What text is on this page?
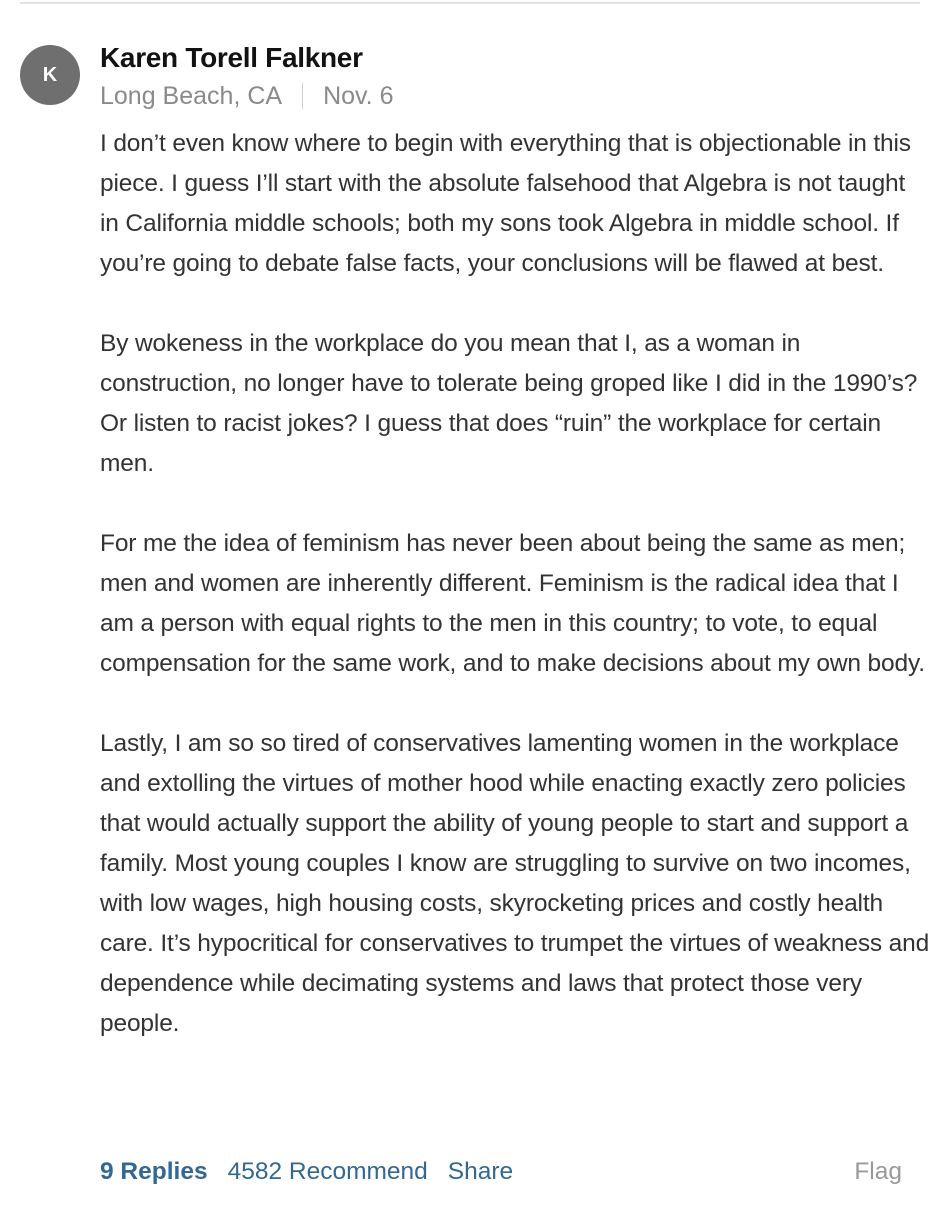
K
Karen Torell Falkner
Long Beach, CA Nov. 6

I don’t even know where to begin with everything that is objectionable in this piece. I guess I’ll start with the absolute falsehood that Algebra is not taught in California middle schools; both my sons took Algebra in middle school. If you’re going to debate false facts, your conclusions will be flawed at best.

By wokeness in the workplace do you mean that I, as a woman in construction, no longer have to tolerate being groped like I did in the 1990’s? Or listen to racist jokes? I guess that does “ruin” the workplace for certain men.

For me the idea of feminism has never been about being the same as men; men and women are inherently different. Feminism is the radical idea that I am a person with equal rights to the men in this country; to vote, to equal compensation for the same work, and to make decisions about my own body.

Lastly, I am so so tired of conservatives lamenting women in the workplace and extolling the virtues of mother hood while enacting exactly zero policies that would actually support the ability of young people to start and support a family. Most young couples I know are struggling to survive on two incomes, with low wages, high housing costs, skyrocketing prices and costly health care. It’s hypocritical for conservatives to trumpet the virtues of weakness and dependence while decimating systems and laws that protect those very people.

9 Replies 4582 Recommend Share	Flag
